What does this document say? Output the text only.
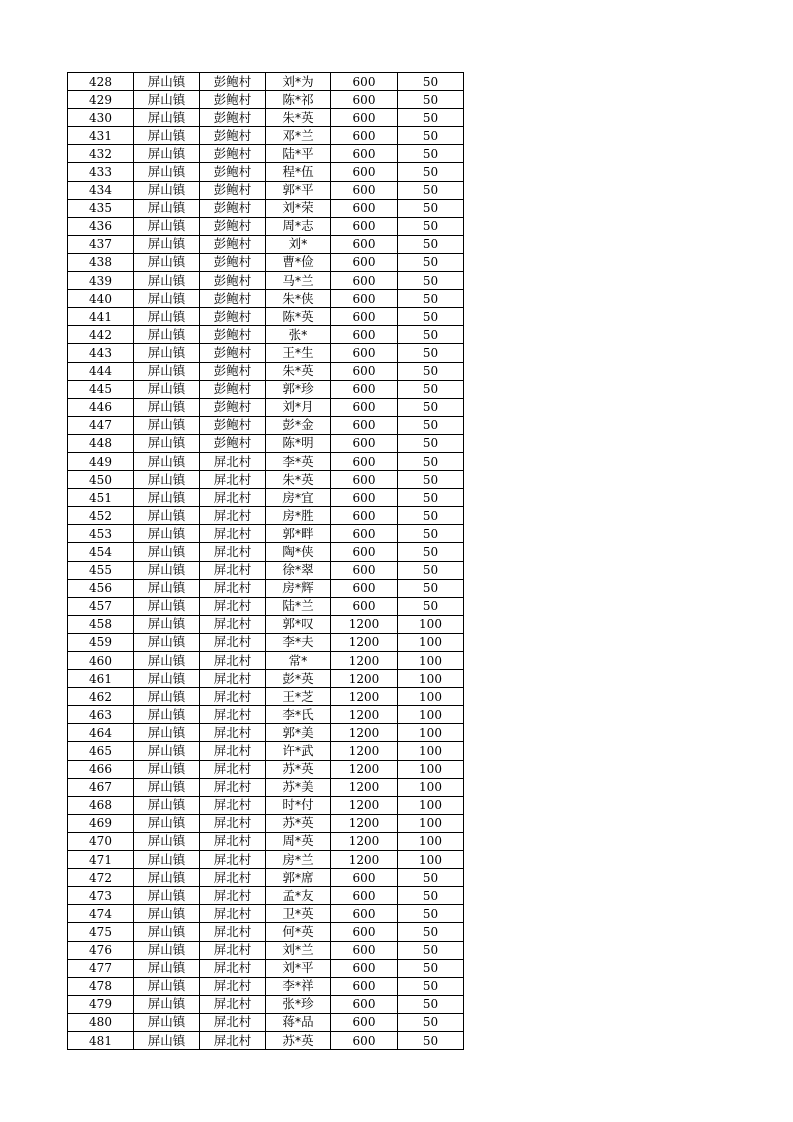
428	屏山镇	彭鲍村	刘*为	600	50
429	屏山镇	彭鲍村	陈*祁	600	50
430	屏山镇	彭鲍村	朱*英	600	50
431	屏山镇	彭鲍村	邓*兰	600	50
432	屏山镇	彭鲍村	陆*平	600	50
433	屏山镇	彭鲍村	程*伍	600	50
434	屏山镇	彭鲍村	郭*平	600	50
435	屏山镇	彭鲍村	刘*荣	600	50
436	屏山镇	彭鲍村	周*志	600	50
437	屏山镇	彭鲍村	刘*	600	50
438	屏山镇	彭鲍村	曹*俭	600	50
439	屏山镇	彭鲍村	马*兰	600	50
440	屏山镇	彭鲍村	朱*侠	600	50
441	屏山镇	彭鲍村	陈*英	600	50
442	屏山镇	彭鲍村	张*	600	50
443	屏山镇	彭鲍村	王*生	600	50
444	屏山镇	彭鲍村	朱*英	600	50
445	屏山镇	彭鲍村	郭*珍	600	50
446	屏山镇	彭鲍村	刘*月	600	50
447	屏山镇	彭鲍村	彭*金	600	50
448	屏山镇	彭鲍村	陈*明	600	50
449	屏山镇	屏北村	李*英	600	50
450	屏山镇	屏北村	朱*英	600	50
451	屏山镇	屏北村	房*宜	600	50
452	屏山镇	屏北村	房*胜	600	50
453	屏山镇	屏北村	郭*畔	600	50
454	屏山镇	屏北村	陶*侠	600	50
455	屏山镇	屏北村	徐*翠	600	50
456	屏山镇	屏北村	房*辉	600	50
457	屏山镇	屏北村	陆*兰	600	50
458	屏山镇	屏北村	郭*叹	1200	100
459	屏山镇	屏北村	李*夫	1200	100
460	屏山镇	屏北村	常*	1200	100
461	屏山镇	屏北村	彭*英	1200	100
462	屏山镇	屏北村	王*芝	1200	100
463	屏山镇	屏北村	李*氏	1200	100
464	屏山镇	屏北村	郭*美	1200	100
465	屏山镇	屏北村	许*武	1200	100
466	屏山镇	屏北村	苏*英	1200	100
467	屏山镇	屏北村	苏*美	1200	100
468	屏山镇	屏北村	时*付	1200	100
469	屏山镇	屏北村	苏*英	1200	100
470	屏山镇	屏北村	周*英	1200	100
471	屏山镇	屏北村	房*兰	1200	100
472	屏山镇	屏北村	郭*席	600	50
473	屏山镇	屏北村	孟*友	600	50
474	屏山镇	屏北村	卫*英	600	50
475	屏山镇	屏北村	何*英	600	50
476	屏山镇	屏北村	刘*兰	600	50
477	屏山镇	屏北村	刘*平	600	50
478	屏山镇	屏北村	李*祥	600	50
479	屏山镇	屏北村	张*珍	600	50
480	屏山镇	屏北村	蒋*品	600	50
481	屏山镇	屏北村	苏*英	600	50
